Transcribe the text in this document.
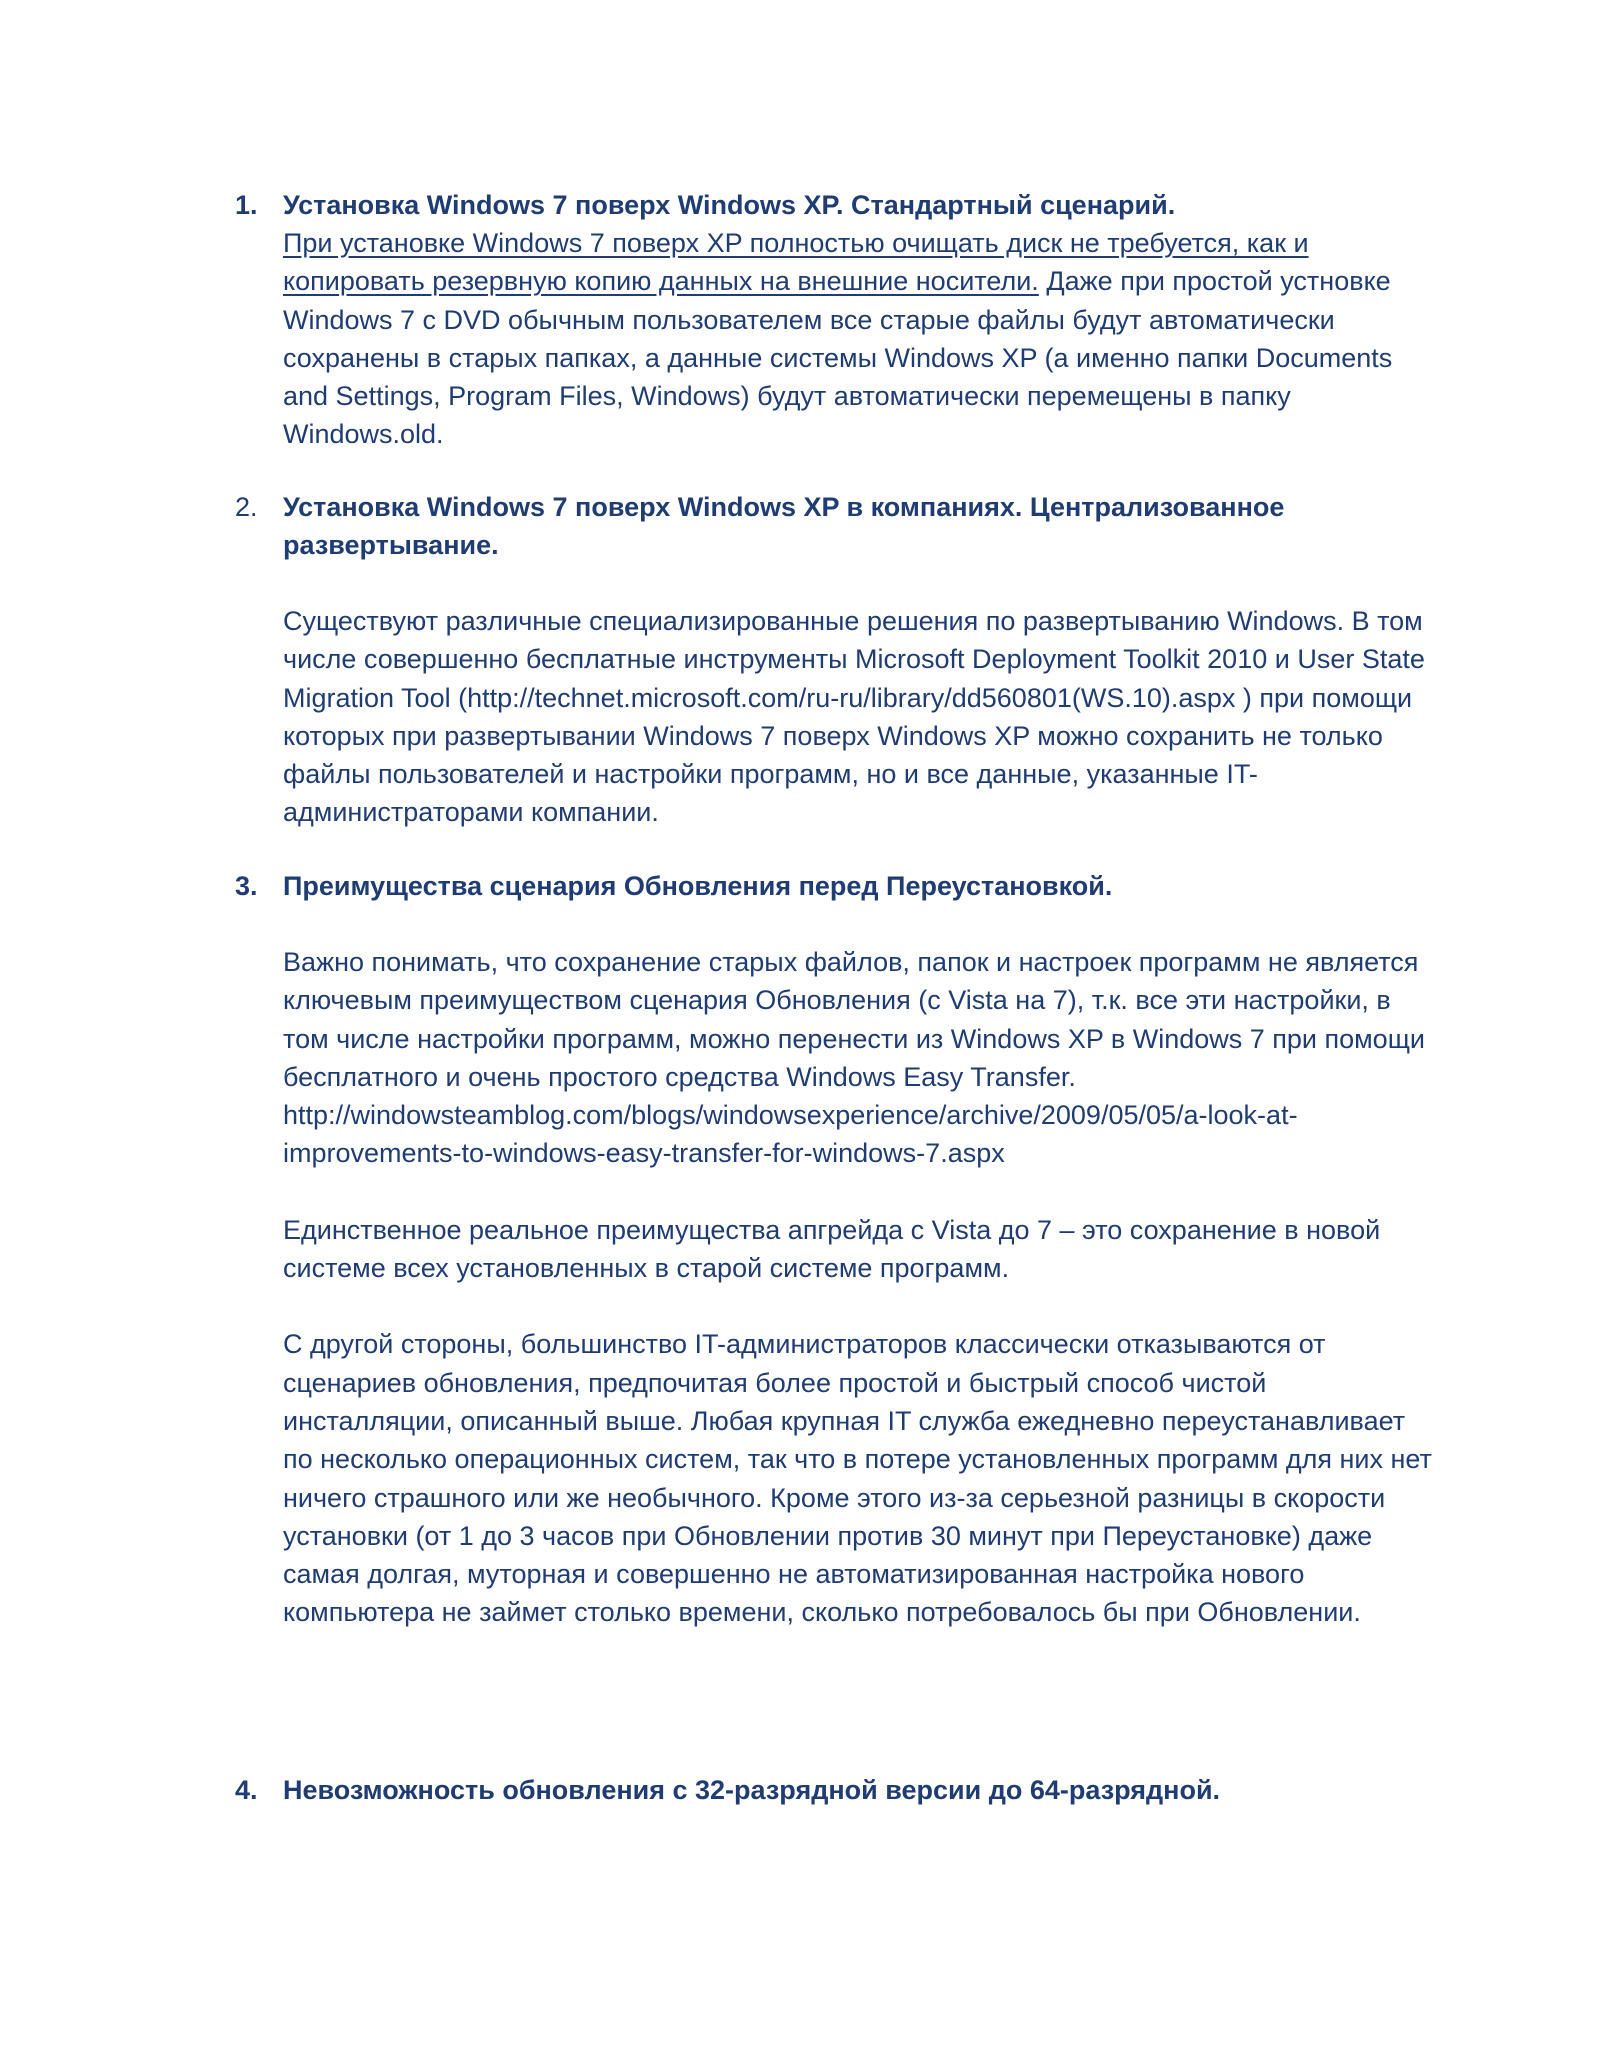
1. Установка Windows 7 поверх Windows XP. Стандартный сценарий.

При установке Windows 7 поверх XP полностью очищать диск не требуется, как и копировать резервную копию данных на внешние носители. Даже при простой устновке Windows 7 с DVD обычным пользователем все старые файлы будут автоматически сохранены в старых папках, а данные системы Windows XP (а именно папки Documents and Settings, Program Files, Windows) будут автоматически перемещены в папку Windows.old.

2. Установка Windows 7 поверх Windows XP в компаниях. Централизованное развертывание.

Существуют различные специализированные решения по развертыванию Windows. В том числе совершенно бесплатные инструменты Microsoft Deployment Toolkit 2010 и User State Migration Tool (http://technet.microsoft.com/ru-ru/library/dd560801(WS.10).aspx ) при помощи которых при развертывании Windows 7 поверх Windows XP можно сохранить не только файлы пользователей и настройки программ, но и все данные, указанные IT-администраторами компании.

3. Преимущества сценария Обновления перед Переустановкой.

Важно понимать, что сохранение старых файлов, папок и настроек программ не является ключевым преимуществом сценария Обновления (с Vista на 7), т.к. все эти настройки, в том числе настройки программ, можно перенести из Windows XP в Windows 7 при помощи бесплатного и очень простого средства Windows Easy Transfer.

http://windowsteamblog.com/blogs/windowsexperience/archive/2009/05/05/a-look-at-improvements-to-windows-easy-transfer-for-windows-7.aspx

Единственное реальное преимущества апгрейда с Vista до 7 – это сохранение в новой системе всех установленных в старой системе программ.

С другой стороны, большинство IT-администраторов классически отказываются от сценариев обновления, предпочитая более простой и быстрый способ чистой инсталляции, описанный выше. Любая крупная IT служба ежедневно переустанавливает по несколько операционных систем, так что в потере установленных программ для них нет ничего страшного или же необычного. Кроме этого из-за серьезной разницы в скорости установки (от 1 до 3 часов при Обновлении против 30 минут при Переустановке) даже самая долгая, муторная и совершенно не автоматизированная настройка нового компьютера не займет столько времени, сколько потребовалось бы при Обновлении.

4. Невозможность обновления с 32-разрядной версии до 64-разрядной.
